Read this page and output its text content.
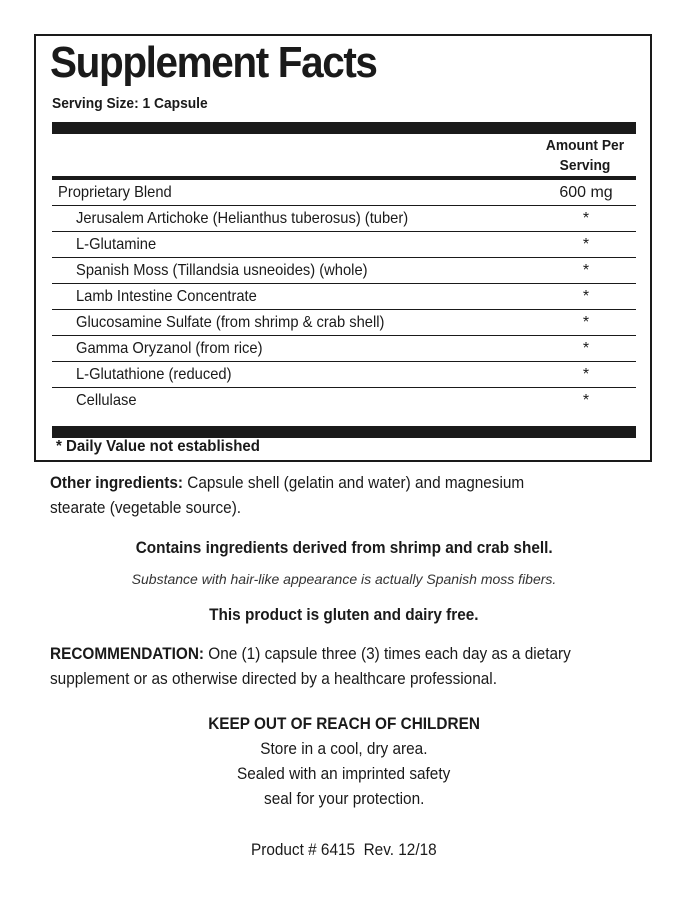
Supplement Facts
Serving Size: 1 Capsule
Amount Per
Serving
Proprietary Blend	600 mg
Jerusalem Artichoke (Helianthus tuberosus) (tuber)	*
L-Glutamine	*
Spanish Moss (Tillandsia usneoides) (whole)	*
Lamb Intestine Concentrate	*
Glucosamine Sulfate (from shrimp & crab shell)	*
Gamma Oryzanol (from rice)	*
L-Glutathione (reduced)	*
Cellulase	*
* Daily Value not established
Other ingredients: Capsule shell (gelatin and water) and magnesium
stearate (vegetable source).
Contains ingredients derived from shrimp and crab shell.
Substance with hair-like appearance is actually Spanish moss fibers.
This product is gluten and dairy free.
RECOMMENDATION: One (1) capsule three (3) times each day as a dietary
supplement or as otherwise directed by a healthcare professional.
KEEP OUT OF REACH OF CHILDREN
Store in a cool, dry area.
Sealed with an imprinted safety
seal for your protection.
Product # 6415  Rev. 12/18
